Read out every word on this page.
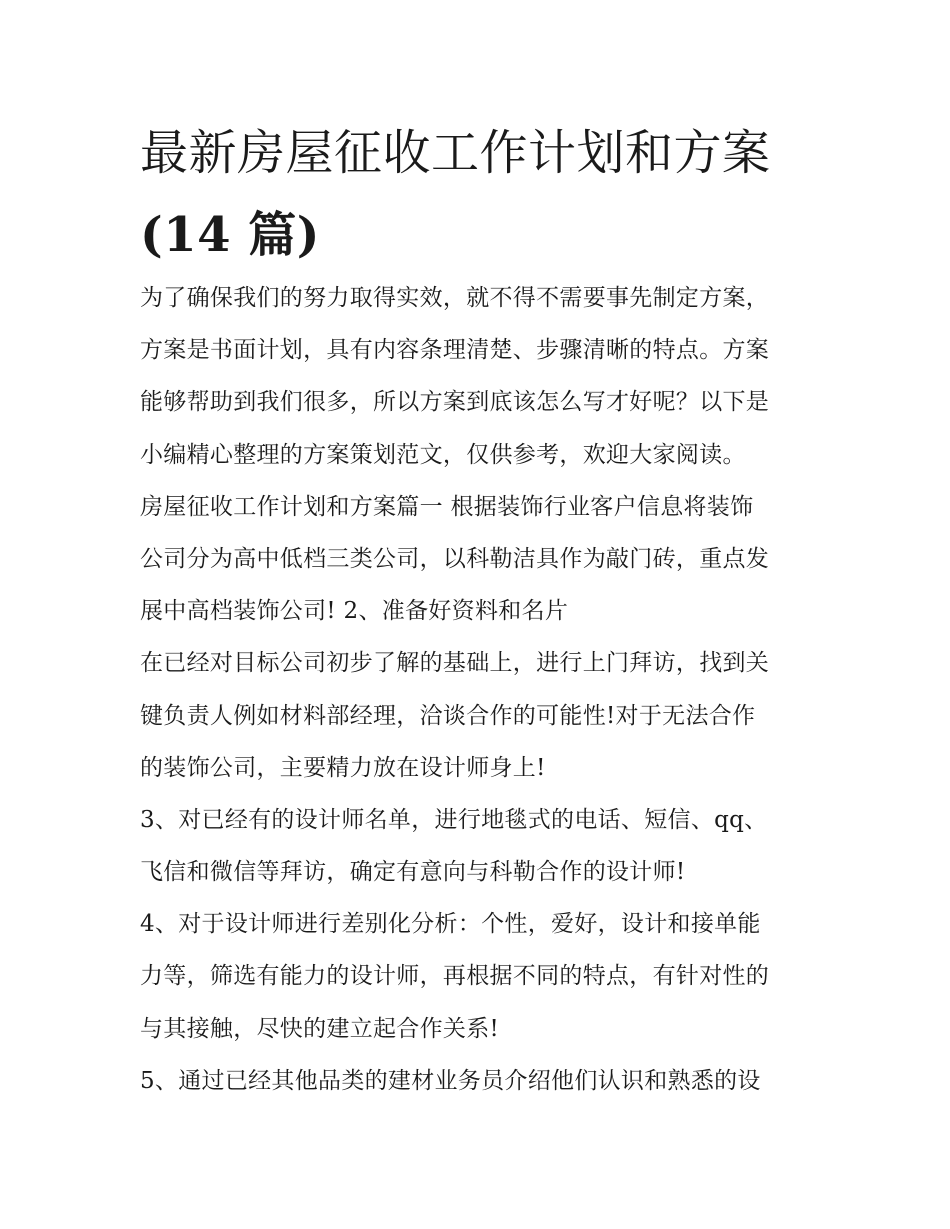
最新房屋征收工作计划和方案
(14 篇)
为了确保我们的努力取得实效，就不得不需要事先制定方案，
方案是书面计划，具有内容条理清楚、步骤清晰的特点。方案
能够帮助到我们很多，所以方案到底该怎么写才好呢？以下是
小编精心整理的方案策划范文，仅供参考，欢迎大家阅读。
房屋征收工作计划和方案篇一 根据装饰行业客户信息将装饰
公司分为高中低档三类公司，以科勒洁具作为敲门砖，重点发
展中高档装饰公司! 2、准备好资料和名片
在已经对目标公司初步了解的基础上，进行上门拜访，找到关
键负责人例如材料部经理，洽谈合作的可能性!对于无法合作
的装饰公司，主要精力放在设计师身上!
3、对已经有的设计师名单，进行地毯式的电话、短信、qq、
飞信和微信等拜访，确定有意向与科勒合作的设计师!
4、对于设计师进行差别化分析：个性，爱好，设计和接单能
力等，筛选有能力的设计师，再根据不同的特点，有针对性的
与其接触，尽快的建立起合作关系!
5、通过已经其他品类的建材业务员介绍他们认识和熟悉的设
